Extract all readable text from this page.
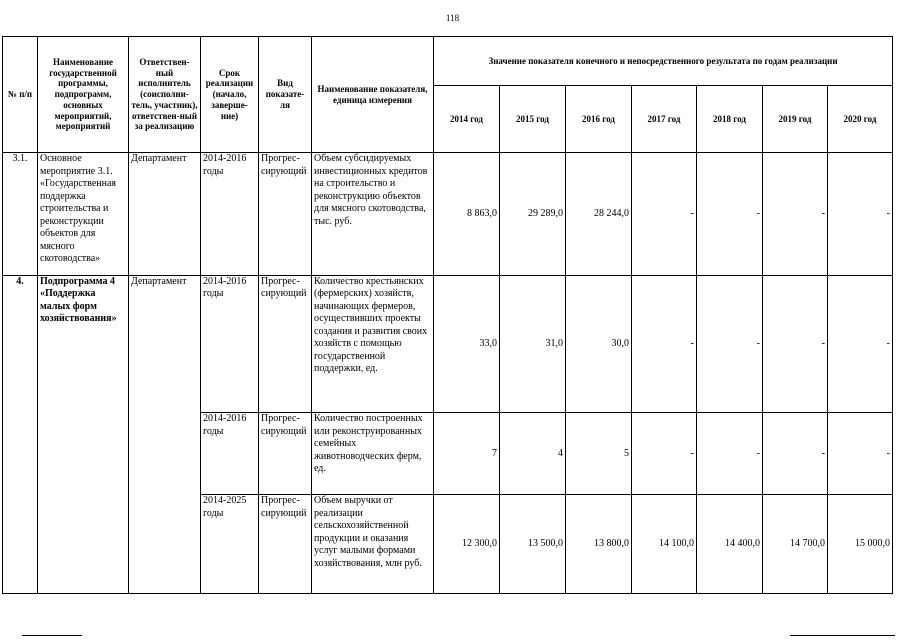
118
№ п/п	Наименование государственной программы, подпрограмм, основных мероприятий, мероприятий	Ответствен-ный исполнитель (соисполни-тель, участник), ответствен-ный за реализацию	Срок реализации (начало, заверше-ние)	Вид показате-ля	Наименование показателя, единица измерения	Значение показателя конечного и непосредственного результата по годам реализации						
						2014 год	2015 год	2016 год	2017 год	2018 год	2019 год	2020 год
3.1.	Основное мероприятие 3.1. «Государственная поддержка строительства и реконструкции объектов для мясного скотоводства»	Департамент	2014-2016 годы	Прогрес-сирующий	Объем субсидируемых инвестиционных кредитов на строительство и реконструкцию объектов для мясного скотоводства, тыс. руб.	8 863,0	29 289,0	28 244,0	-	-	-	-
4.	Подпрограмма 4 «Поддержка малых форм хозяйствования»	Департамент	2014-2016 годы	Прогрес-сирующий	Количество крестьянских (фермерских) хозяйств, начинающих фермеров, осуществивших проекты создания и развития своих хозяйств с помощью государственной поддержки, ед.	33,0	31,0	30,0	-	-	-	-
			2014-2016 годы	Прогрес-сирующий	Количество построенных или реконструированных семейных животноводческих ферм, ед.	7	4	5	-	-	-	-
			2014-2025 годы	Прогрес-сирующий	Объем выручки от реализации сельскохозяйственной продукции и оказания услуг малыми формами хозяйствования, млн руб.	12 300,0	13 500,0	13 800,0	14 100,0	14 400,0	14 700,0	15 000,0
